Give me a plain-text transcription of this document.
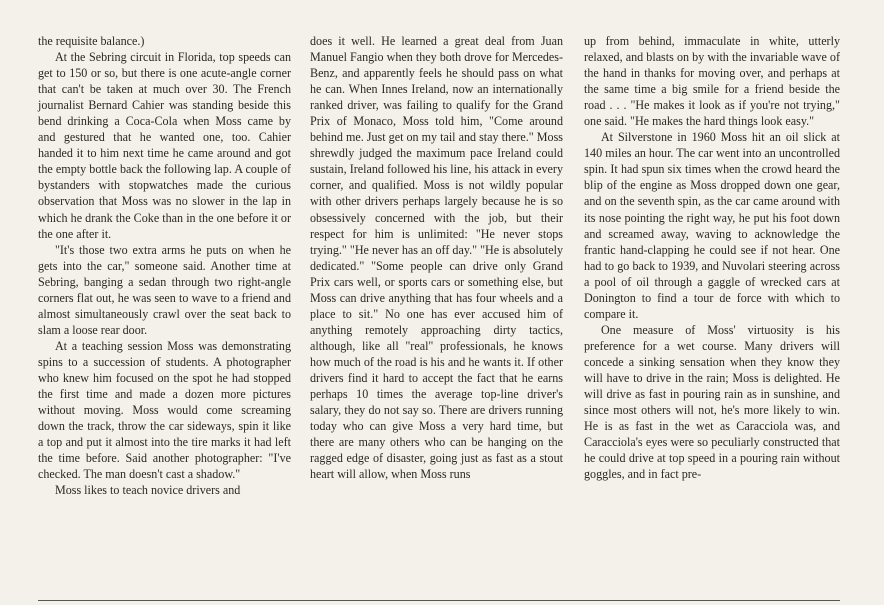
the requisite balance.)

At the Sebring circuit in Florida, top speeds can get to 150 or so, but there is one acute-angle corner that can't be taken at much over 30. The French journalist Bernard Cahier was standing beside this bend drinking a Coca-Cola when Moss came by and gestured that he wanted one, too. Cahier handed it to him next time he came around and got the empty bottle back the following lap. A couple of bystanders with stopwatches made the curious observation that Moss was no slower in the lap in which he drank the Coke than in the one before it or the one after it.

"It's those two extra arms he puts on when he gets into the car," someone said. Another time at Sebring, banging a sedan through two right-angle corners flat out, he was seen to wave to a friend and almost simultaneously crawl over the seat back to slam a loose rear door.

At a teaching session Moss was demonstrating spins to a succession of students. A photographer who knew him focused on the spot he had stopped the first time and made a dozen more pictures without moving. Moss would come screaming down the track, throw the car sideways, spin it like a top and put it almost into the tire marks it had left the time before. Said another photographer: "I've checked. The man doesn't cast a shadow."

Moss likes to teach novice drivers and

does it well. He learned a great deal from Juan Manuel Fangio when they both drove for Mercedes-Benz, and apparently feels he should pass on what he can. When Innes Ireland, now an internationally ranked driver, was failing to qualify for the Grand Prix of Monaco, Moss told him, "Come around behind me. Just get on my tail and stay there." Moss shrewdly judged the maximum pace Ireland could sustain, Ireland followed his line, his attack in every corner, and qualified. Moss is not wildly popular with other drivers perhaps largely because he is so obsessively concerned with the job, but their respect for him is unlimited: "He never stops trying." "He never has an off day." "He is absolutely dedicated." "Some people can drive only Grand Prix cars well, or sports cars or something else, but Moss can drive anything that has four wheels and a place to sit." No one has ever accused him of anything remotely approaching dirty tactics, although, like all "real" professionals, he knows how much of the road is his and he wants it. If other drivers find it hard to accept the fact that he earns perhaps 10 times the average top-line driver's salary, they do not say so. There are drivers running today who can give Moss a very hard time, but there are many others who can be hanging on the ragged edge of disaster, going just as fast as a stout heart will allow, when Moss runs

up from behind, immaculate in white, utterly relaxed, and blasts on by with the invariable wave of the hand in thanks for moving over, and perhaps at the same time a big smile for a friend beside the road . . . "He makes it look as if you're not trying," one said. "He makes the hard things look easy."

At Silverstone in 1960 Moss hit an oil slick at 140 miles an hour. The car went into an uncontrolled spin. It had spun six times when the crowd heard the blip of the engine as Moss dropped down one gear, and on the seventh spin, as the car came around with its nose pointing the right way, he put his foot down and screamed away, waving to acknowledge the frantic hand-clapping he could see if not hear. One had to go back to 1939, and Nuvolari steering across a pool of oil through a gaggle of wrecked cars at Donington to find a tour de force with which to compare it.

One measure of Moss' virtuosity is his preference for a wet course. Many drivers will concede a sinking sensation when they know they will have to drive in the rain; Moss is delighted. He will drive as fast in pouring rain as in sunshine, and since most others will not, he's more likely to win. He is as fast in the wet as Caracciola was, and Caracciola's eyes were so peculiarly constructed that he could drive at top speed in a pouring rain without goggles, and in fact pre-
